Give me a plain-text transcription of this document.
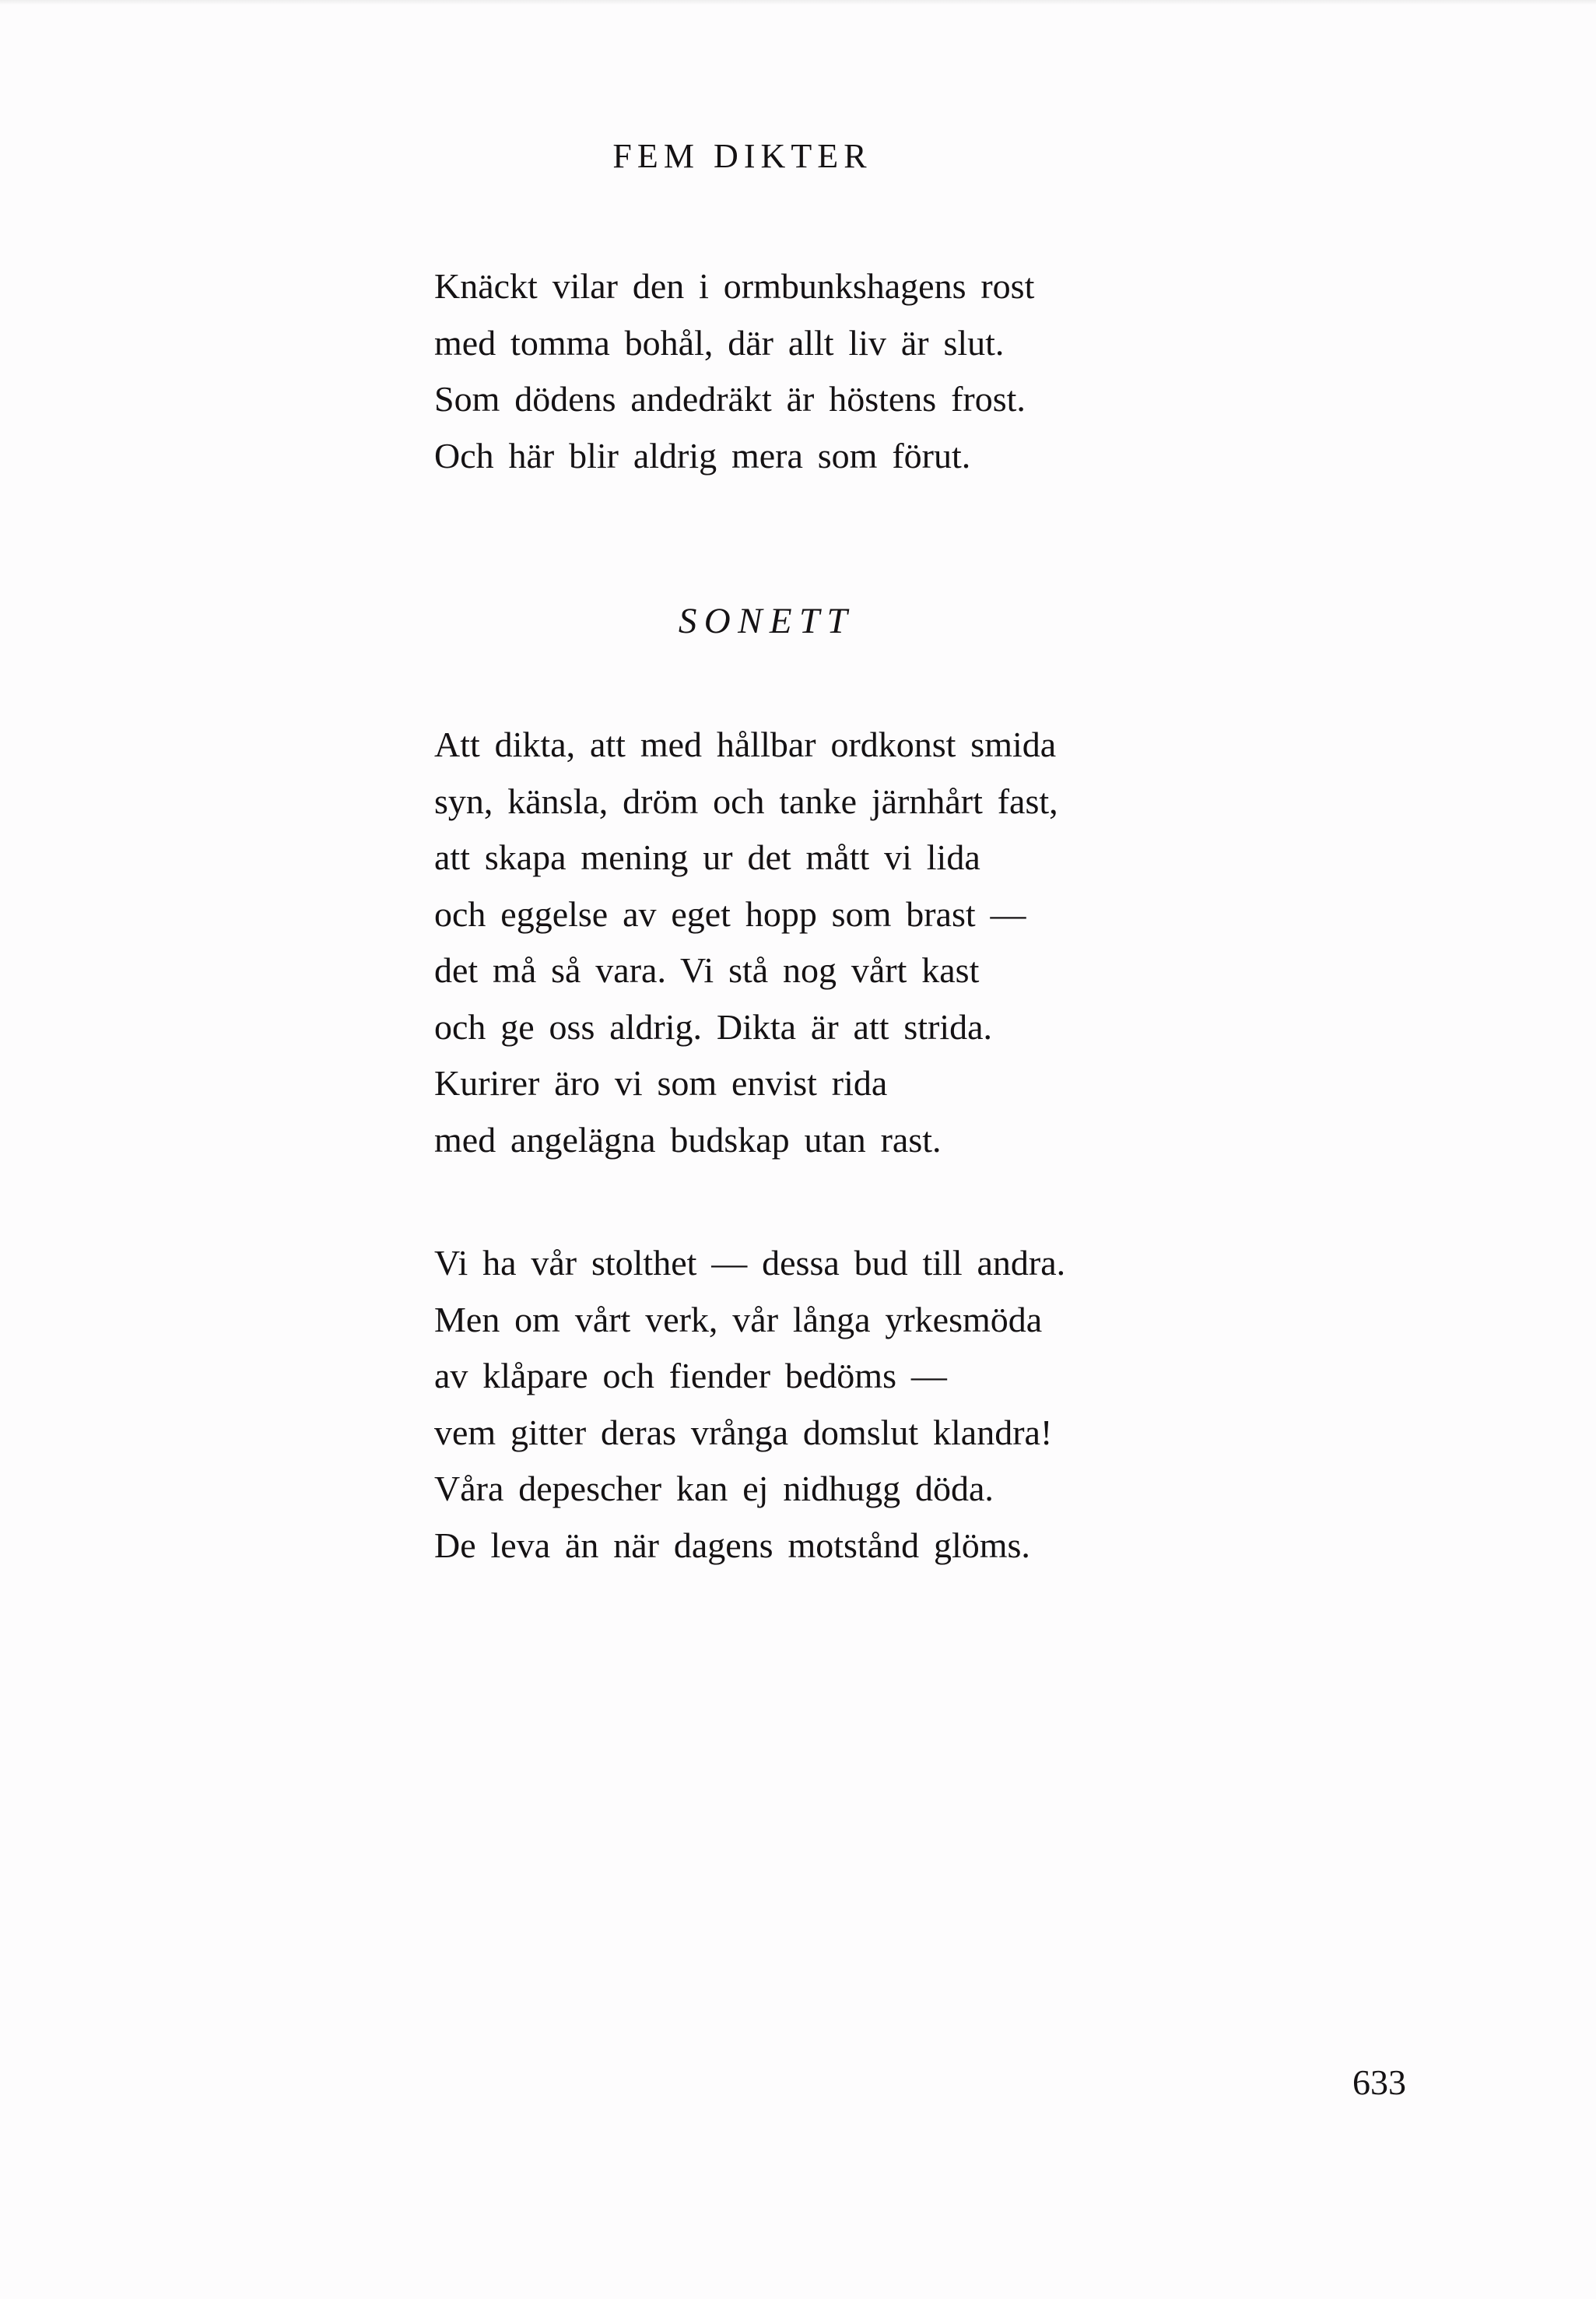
FEM DIKTER
Knäckt vilar den i ormbunkshagens rost
med tomma bohål, där allt liv är slut.
Som dödens andedräkt är höstens frost.
Och här blir aldrig mera som förut.
SONETT
Att dikta, att med hållbar ordkonst smida
syn, känsla, dröm och tanke järnhårt fast,
att skapa mening ur det mått vi lida
och eggelse av eget hopp som brast —
det må så vara. Vi stå nog vårt kast
och ge oss aldrig. Dikta är att strida.
Kurirer äro vi som envist rida
med angelägna budskap utan rast.
Vi ha vår stolthet — dessa bud till andra.
Men om vårt verk, vår långa yrkesmöda
av klåpare och fiender bedöms —
vem gitter deras vrånga domslut klandra!
Våra depescher kan ej nidhugg döda.
De leva än när dagens motstånd glöms.
633
